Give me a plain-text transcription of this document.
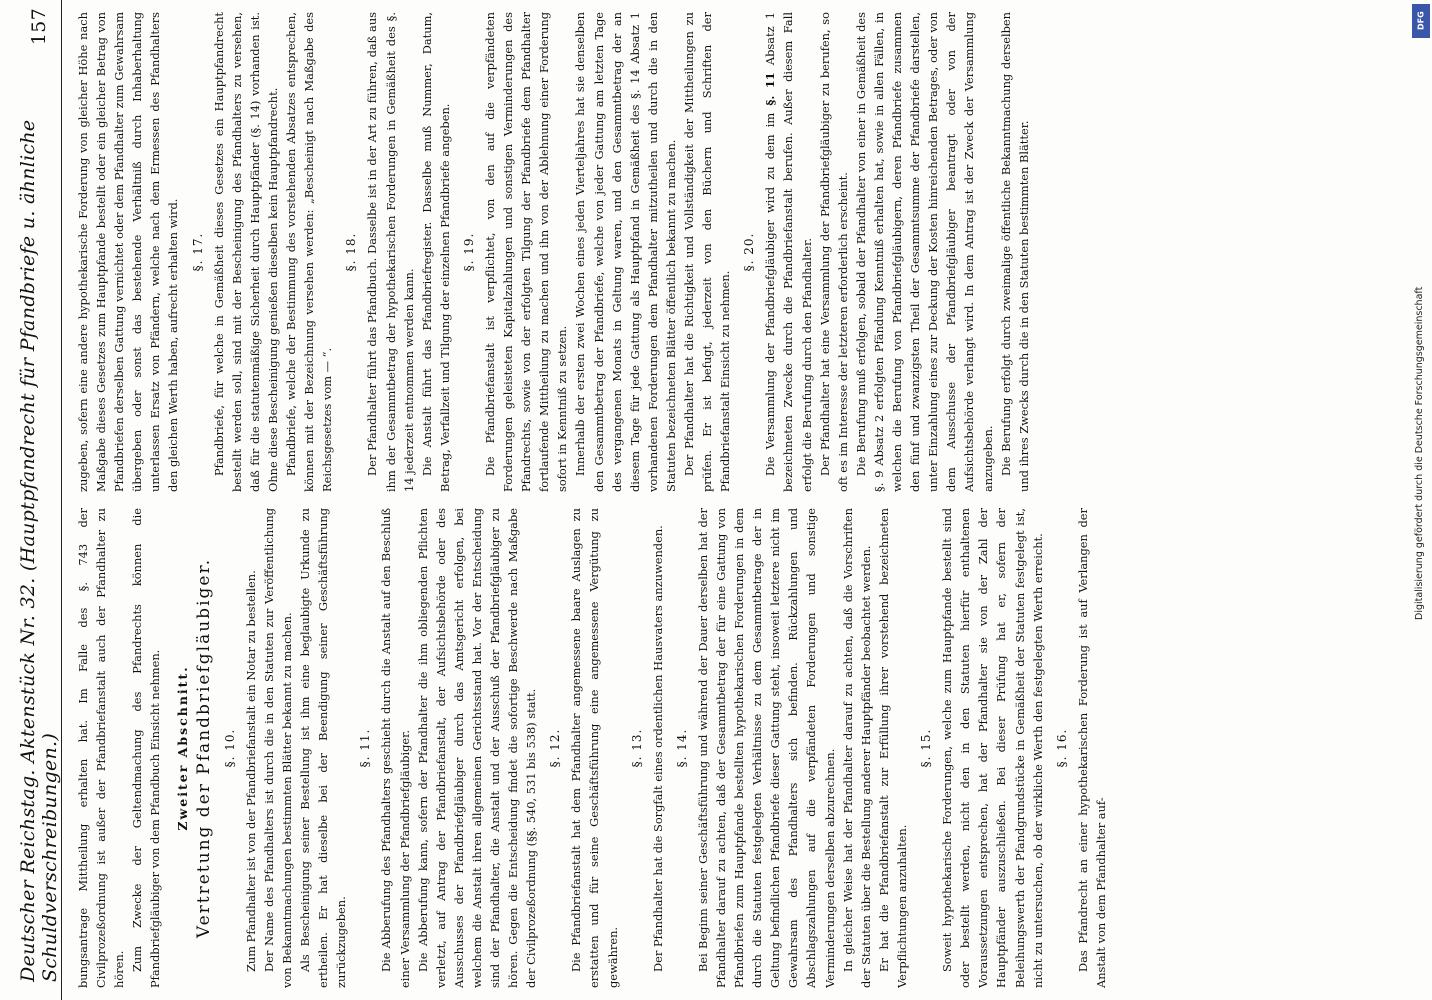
Deutscher Reichstag. Aktenstück Nr. 32. (Hauptpfandrecht für Pfandbriefe u. ähnliche Schuldverschreibungen.)
157

bungsantrage Mittheilung erhalten hat. Im Falle des §. 743 der Civilprozeßordnung ist außer der Pfandbriefanstalt auch der Pfandhalter zu hören. Zum Zwecke der Geltendmachung des Pfandrechts können die Pfandbriefgläubiger von dem Pfandbuch Einsicht nehmen. Zweiter Abschnitt. Vertretung der Pfandbriefgläubiger. §. 10. Zum Pfandhalter ist von der Pfandbriefanstalt ein Notar zu bestellen. Der Name des Pfandhalters ist durch die in den Statuten zur Veröffentlichung von Bekanntmachungen bestimmten Blätter bekannt zu machen. Als Bescheinigung seiner Bestellung ist ihm eine beglaubigte Urkunde zu ertheilen. Er hat dieselbe bei der Beendigung seiner Geschäftsführung zurückzugeben.

§. 11. Die Abberufung des Pfandhalters geschieht durch die Anstalt auf den Beschluß einer Versammlung der Pfandbriefgläubiger. Die Abberufung kann, sofern der Pfandhalter die ihm obliegenden Pflichten verletzt, auf Antrag der Pfandbriefanstalt, der Aufsichtsbehörde oder des Ausschusses der Pfandbriefgläubiger durch das Amtsgericht erfolgen, bei welchem die Anstalt ihren allgemeinen Gerichtsstand hat. Vor der Entscheidung sind der Pfandhalter, die Anstalt und der Ausschuß der Pfandbriefgläubiger zu hören. Gegen die Entscheidung findet die sofortige Beschwerde nach Maßgabe der Civilprozeßordnung (§§. 540, 531 bis 538) statt. §. 12. Die Pfandbriefanstalt hat dem Pfandhalter angemessene baare Auslagen zu erstatten und für seine Geschäftsführung eine angemessene Vergütung zu gewähren.

§. 13. Der Pfandhalter hat die Sorgfalt eines ordentlichen Hausvaters anzuwenden. §. 14. Bei Beginn seiner Geschäftsführung und während der Dauer derselben hat der Pfandhalter darauf zu achten, daß der Gesammtbetrag der für eine Gattung von Pfandbriefen zum Hauptpfande bestellten hypothekarischen Forderungen in dem durch die Statuten festgelegten Verhältnisse zu dem Gesammtbetrage der in Geltung befindlichen Pfandbriefe dieser Gattung steht, insoweit letztere nicht im Gewahrsam des Pfandhalters sich befinden. Rückzahlungen und Abschlagszahlungen auf die verpfändeten Forderungen und sonstige Verminderungen derselben abzurechnen. In gleicher Weise hat der Pfandhalter darauf zu achten, daß die Vorschriften der Statuten über die Bestellung anderer Hauptpfänder beobachtet werden. Er hat die Pfandbriefanstalt zur Erfüllung ihrer vorstehend bezeichneten Verpflichtungen anzuhalten.

§. 15. Soweit hypothekarische Forderungen, welche zum Hauptpfande bestellt sind oder bestellt werden, nicht den in den Statuten hierfür enthaltenen Voraussetzungen entsprechen, hat der Pfandhalter sie von der Zahl der Hauptpfänder auszuschließen. Bei dieser Prüfung hat er, sofern der Beleihungswerth der Pfandgrundstücke in Gemäßheit der Statuten festgelegt ist, nicht zu untersuchen, ob der wirkliche Werth den festgelegten Werth erreicht. §. 16. Das Pfandrecht an einer hypothekarischen Forderung ist auf Verlangen der Anstalt von dem Pfandhalter auf-

zugeben, sofern eine andere hypothekarische Forderung von gleicher Höhe nach Maßgabe dieses Gesetzes zum Hauptpfande bestellt oder ein gleicher Betrag von Pfandbriefen derselben Gattung vernichtet oder dem Pfandhalter zum Gewahrsam übergeben oder sonst das bestehende Verhältniß durch Inhaberhaltung unterlassen Ersatz von Pfändern, welche nach dem Ermessen des Pfandhalters den gleichen Werth haben, aufrecht erhalten wird. §. 17. Pfandbriefe, für welche in Gemäßheit dieses Gesetzes ein Hauptpfandrecht bestellt werden soll, sind mit der Bescheinigung des Pfandhalters zu versehen, daß für die statutenmäßige Sicherheit durch Hauptpfänder (§. 14) vorhanden ist. Ohne diese Bescheinigung genießen dieselben kein Hauptpfandrecht. Pfandbriefe, welche der Bestimmung des vorstehenden Absatzes entsprechen, können mit der Bezeichnung versehen werden: „Bescheinigt nach Maßgabe des Reichsgesetzes vom — “.

§. 18. Der Pfandhalter führt das Pfandbuch. Dasselbe ist in der Art zu führen, daß aus ihm der Gesammtbetrag der hypothekarischen Forderungen in Gemäßheit des §. 14 jederzeit entnommen werden kann. Die Anstalt führt das Pfandbriefregister. Dasselbe muß Nummer, Datum, Betrag, Verfallzeit und Tilgung der einzelnen Pfandbriefe angeben. §. 19. Die Pfandbriefanstalt ist verpflichtet, von den auf die verpfändeten Forderungen geleisteten Kapitalzahlungen und sonstigen Verminderungen des Pfandrechts, sowie von der erfolgten Tilgung der Pfandbriefe dem Pfandhalter fortlaufende Mittheilung zu machen und ihn von der Ablehnung einer Forderung sofort in Kenntniß zu setzen. Innerhalb der ersten zwei Wochen eines jeden Vierteljahres hat sie denselben den Gesammtbetrag der Pfandbriefe, welche von jeder Gattung am letzten Tage des vergangenen Monats in Geltung waren, und den Gesammtbetrag der an diesem Tage für jede Gattung als Hauptpfand in Gemäßheit des §. 14 Absatz 1 vorhandenen Forderungen dem Pfandhalter mitzutheilen und durch die in den Statuten bezeichneten Blätter öffentlich bekannt zu machen. Der Pfandhalter hat die Richtigkeit und Vollständigkeit der Mittheilungen zu prüfen. Er ist befugt, jederzeit von den Büchern und Schriften der Pfandbriefanstalt Einsicht zu nehmen.

§. 20. Die Versammlung der Pfandbriefgläubiger wird zu dem im §. 11 Absatz 1 bezeichneten Zwecke durch die Pfandbriefanstalt berufen. Außer diesem Fall erfolgt die Berufung durch den Pfandhalter. Der Pfandhalter hat eine Versammlung der Pfandbriefgläubiger zu berufen, so oft es im Interesse der letzteren erforderlich erscheint. Die Berufung muß erfolgen, sobald der Pfandhalter von einer in Gemäßheit des §. 9 Absatz 2 erfolgten Pfändung Kenntniß erhalten hat, sowie in allen Fällen, in welchen die Berufung von Pfandbriefgläubigern, deren Pfandbriefe zusammen den fünf und zwanzigsten Theil der Gesammtsumme der Pfandbriefe darstellen, unter Einzahlung eines zur Deckung der Kosten hinreichenden Betrages, oder von dem Ausschusse der Pfandbriefgläubiger beantragt oder von der Aufsichtsbehörde verlangt wird. In dem Antrag ist der Zweck der Versammlung anzugeben. Die Berufung erfolgt durch zweimalige öffentliche Bekanntmachung derselben und ihres Zwecks durch die in den Statuten bestimmten Blätter.

DFG
Digitalisierung gefördert durch die Deutsche Forschungsgemeinschaft
